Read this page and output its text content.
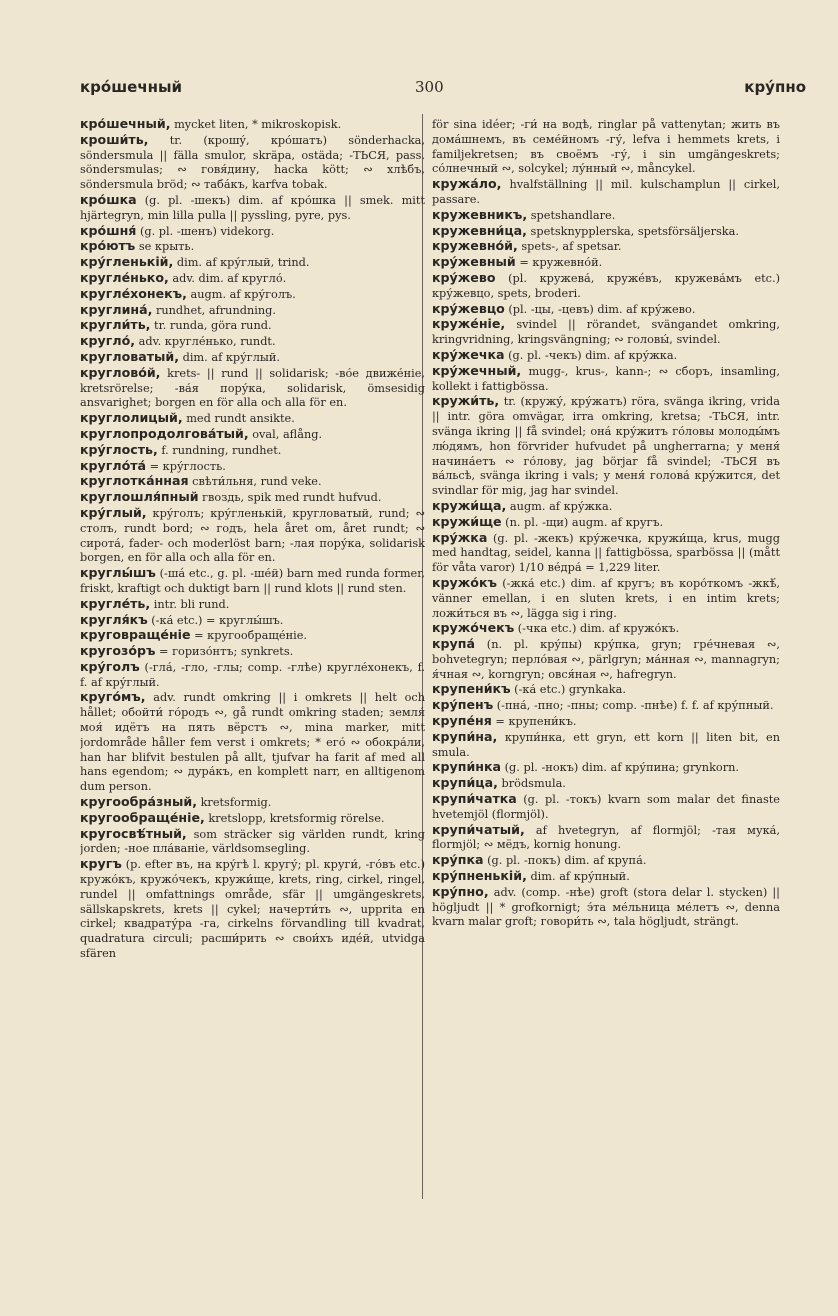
кро́шечный	300	кру́пно
кро́шечный, mycket liten, * mikroskopisk.
кроши́ть, tr. (крошу́, кро́шатъ) sönderhacka, söndersmula || fälla smulor, skräpa, ostäda; -ТЬСЯ, pass. söndersmulas; ∾ говя́дину, hacka kött; ∾ хлѣбъ, söndersmula bröd; ∾ таба́къ, karfva tobak.
кро́шка (g. pl. -шекъ) dim. af кро́шка || smek. mitt hjärtegryn, min lilla pulla || pyssling, pyre, pys.
кро́шня́ (g. pl. -шенъ) videkorg.
кро́ютъ se крыть.
кру́гленькій, dim. af кру́глый, trind.
кругле́нько, adv. dim. af кругло́.
кругле́хонекъ, augm. af кру́голъ.
круглина́, rundhet, afrundning.
кругли́ть, tr. runda, göra rund.
кругло́, adv. кругле́нько, rundt.
кругловатый, dim. af кру́глый.
круглово́й, krets- || rund || solidarisk; -во́е движе́ніе, kretsrörelse; -ва́я пору́ка, solidarisk, ömsesidig ansvarighet; borgen en för alla och alla för en.
круглолицый, med rundt ansikte.
круглопродолгова́тый, oval, aflång.
кру́глость, f. rundning, rundhet.
кругло́та́ = кру́глость.
круглотка́нная свѣти́льня, rund veke.
круглошля́пный гвоздь, spik med rundt hufvud.
кру́глый, кру́голъ; кру́гленькій, кругловатый, rund; ∾ столъ, rundt bord; ∾ годъ, hela året om, året rundt; ∾ сирота́, fader- och moderlöst barn; -лая пору́ка, solidarisk borgen, en för alla och alla för en.
круглы́шъ (-шá etc., g. pl. -ше́й) barn med runda former, friskt, kraftigt och duktigt barn || rund klots || rund sten.
кругле́ть, intr. bli rund.
кругля́къ (-ка́ etc.) = круглы́шъ.
круговраще́ніе = кругообраще́ніе.
кругозо́ръ = горизо́нтъ; synkrets.
кру́голъ (-гла́, -гло, -глы; comp. -глѣе) кругле́хонекъ, f. f. af кру́глый.
круго́мъ, adv. rundt omkring || i omkrets || helt och hållet; обойти́ го́родъ ∾, gå rundt omkring staden; земля́ моя́ идётъ на пять вёрстъ ∾, mina marker, mitt jordområde håller fem verst i omkrets; * его́ ∾ обокра́ли, han har blifvit bestulen på allt, tjufvar ha farit af med all hans egendom; ∾ дура́къ, en komplett narr, en alltigenom dum person.
кругообра́зный, kretsformig.
кругообраще́ніе, kretslopp, kretsformig rörelse.
кругосвѣ́тный, som sträcker sig världen rundt, kring jorden; -ное пла́ваніе, världsomsegling.
кругъ (p. efter въ, на кру́гѣ l. кругу́; pl. круги́, -го́въ etc.) кружо́къ, кружо́чекъ, кружи́ще, krets, ring, cirkel, ringel, rundel || omfattnings område, sfär || umgängeskrets, sällskapskrets, krets || cykel; начерти́ть ∾, upprita en cirkel; квадрату́ра -га, cirkelns förvandling till kvadrat, quadratura circuli; расши́рить ∾ свои́хъ идéй, utvidga sfären
för sina idéer; -ги́ на водѣ, ringlar på vattenytan; жить въ дома́шнемъ, въ семе́йномъ -гу́, lefva i hemmets krets, i familjekretsen; въ своёмъ -гу́, i sin umgängeskrets; со́лнечный ∾, solcykel; лу́нный ∾, måncykel.
кружа́ло, hvalfställning || mil. kulschamplun || cirkel, passare.
кружевникъ, spetshandlare.
кружевни́ца, spetsknypplerska, spetsförsäljerska.
кружевно́й, spets-, af spetsar.
кру́жевный = кружевно́й.
кру́жево (pl. кружева́, кружéвъ, кружева́мъ etc.) кру́жевцо, spets, broderi.
кру́жевцо (pl. -цы, -цевъ) dim. af кру́жево.
круже́ніе, svindel || rörandet, svängandet omkring, kringvridning, kringsvängning; ∾ головы́, svindel.
кру́жечка (g. pl. -чекъ) dim. af кру́жка.
кру́жечный, mugg-, krus-, kann-; ∾ сборъ, insamling, kollekt i fattigbössa.
кружи́ть, tr. (кружу́, кру́жатъ) röra, svänga ikring, vrida || intr. göra omvägar, irra omkring, kretsa; -ТЬСЯ, intr. svänga ikring || få svindel; она́ кру́житъ го́ловы молоды́мъ лю́дямъ, hon förvrider hufvudet på ungherrarna; у меня́ начина́етъ ∾ го́лову, jag börjar få svindel; -ТЬСЯ въ ва́льсѣ, svänga ikring i vals; у меня́ голова́ кру́жится, det svindlar för mig, jag har svindel.
кружи́ща, augm. af кру́жка.
кружи́ще (n. pl. -щи) augm. af кругъ.
кру́жка (g. pl. -жекъ) кру́жечка, кружи́ща, krus, mugg med handtag, seidel, kanna || fattigbössa, sparbössa || (mått för våta varor) 1/10 ве́дра́ = 1,229 liter.
кружо́къ (-жка́ etc.) dim. af кругъ; въ коро́ткомъ -жкѣ́, vänner emellan, i en sluten krets, i en intim krets; ложи́ться въ ∾, lägga sig i ring.
кружо́чекъ (-чка etc.) dim. af кружо́къ.
крупа́ (n. pl. кру́пы) кру́пка, gryn; гре́чневая ∾, bohvetegryn; перло́вая ∾, pärlgryn; ма́нная ∾, mannagryn; я́чная ∾, korngryn; овся́ная ∾, hafregryn.
крупени́къ (-ка́ etc.) grynkaka.
кру́пенъ (-пна́, -пно; -пны; comp. -пнѣе) f. f. af кру́пный.
крупе́ня = крупени́къ.
крупи́на, крупи́нка, ett gryn, ett korn || liten bit, en smula.
крупи́нка (g. pl. -нокъ) dim. af кру́пина; grynkorn.
крупи́ца, brödsmula.
крупи́чатка (g. pl. -токъ) kvarn som malar det finaste hvetemjöl (flormjöl).
крупи́чатый, af hvetegryn, af flormjöl; -тая мука́, flormjöl; ∾ мёдъ, kornig honung.
кру́пка (g. pl. -покъ) dim. af крупа́.
кру́пненькій, dim. af кру́пный.
кру́пно, adv. (comp. -нѣе) groft (stora delar l. stycken) || högljudt || * grofkornigt; э́та ме́льница ме́летъ ∾, denna kvarn malar groft; говори́ть ∾, tala högljudt, strängt.
